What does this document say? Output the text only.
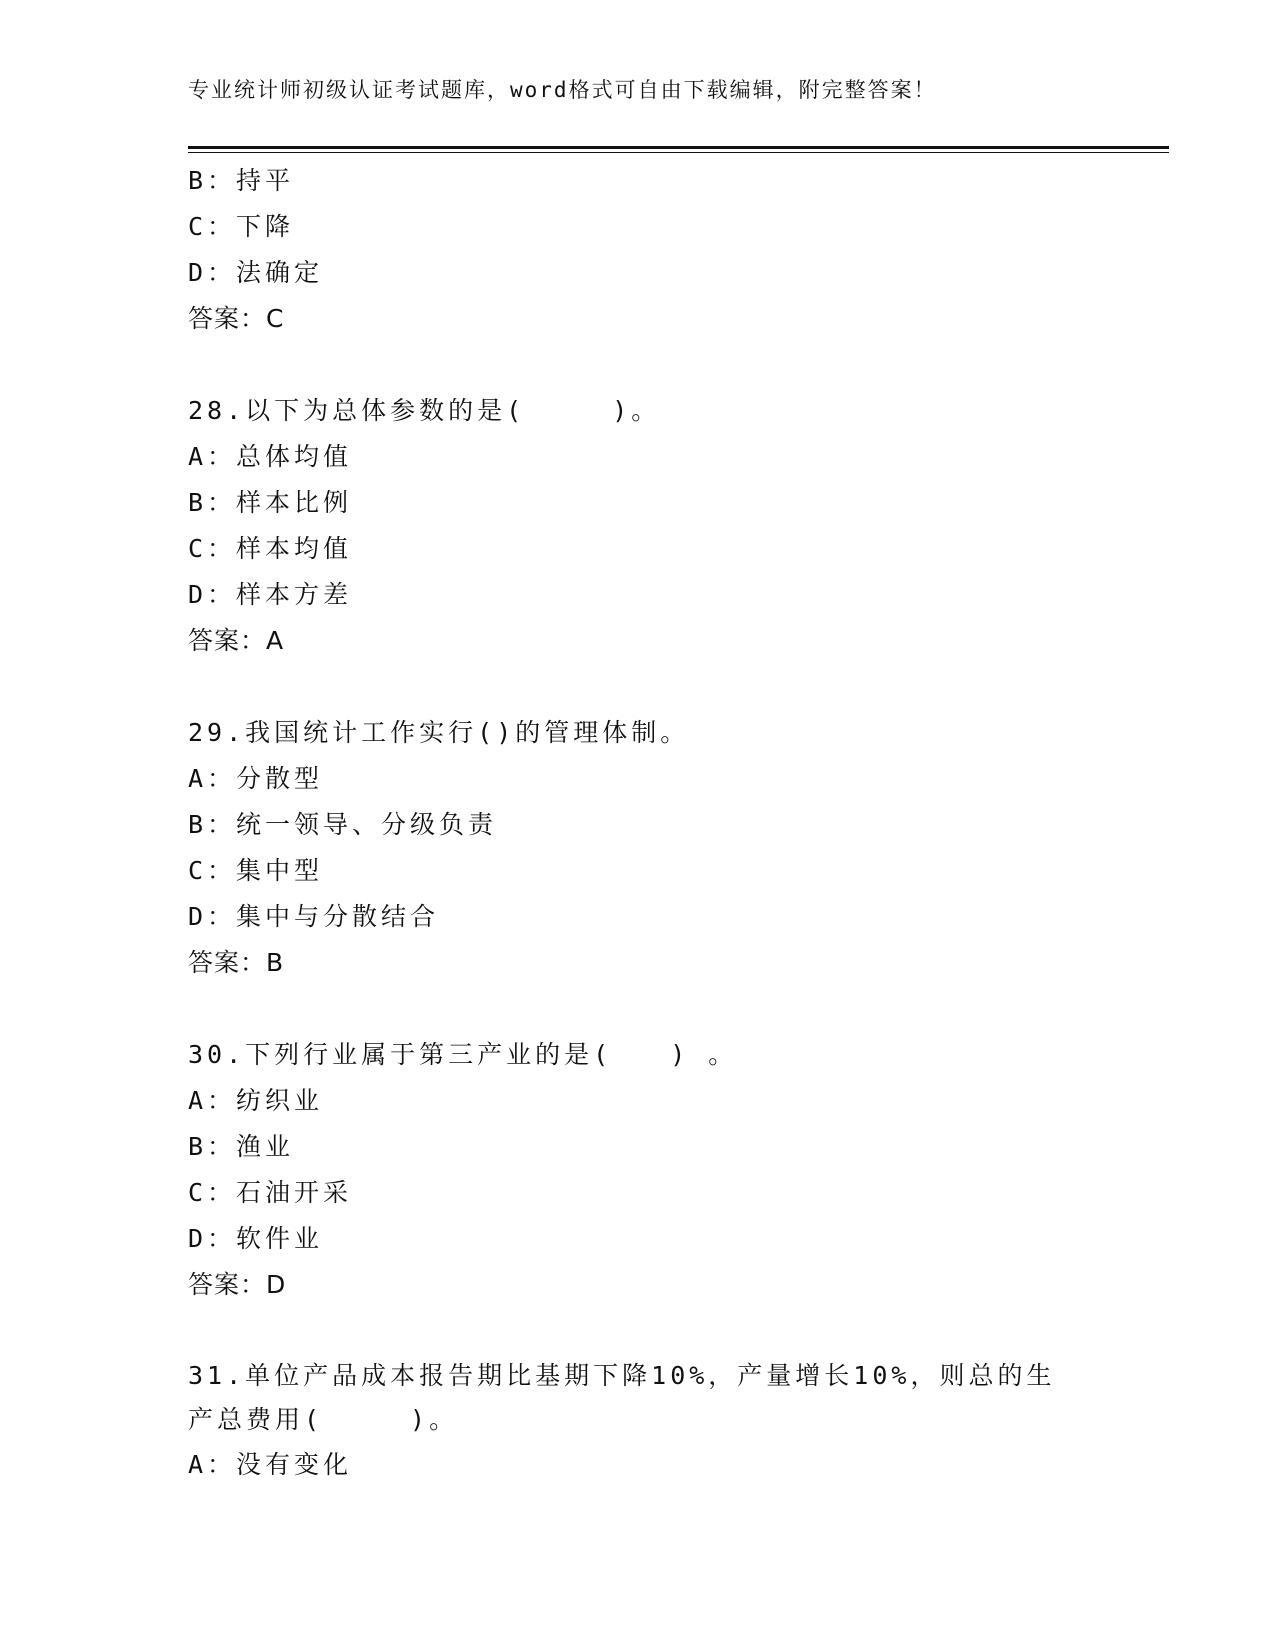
专业统计师初级认证考试题库，word格式可自由下载编辑，附完整答案！
B：持平
C：下降
D：法确定
答案：C
28.以下为总体参数的是(　　　)。
A：总体均值
B：样本比例
C：样本均值
D：样本方差
答案：A
29.我国统计工作实行()的管理体制。
A：分散型
B：统一领导、分级负责
C：集中型
D：集中与分散结合
答案：B
30.下列行业属于第三产业的是(　　) 。
A：纺织业
B：渔业
C：石油开采
D：软件业
答案：D
31.单位产品成本报告期比基期下降10%，产量增长10%，则总的生产总费用(　　　)。
A：没有变化
